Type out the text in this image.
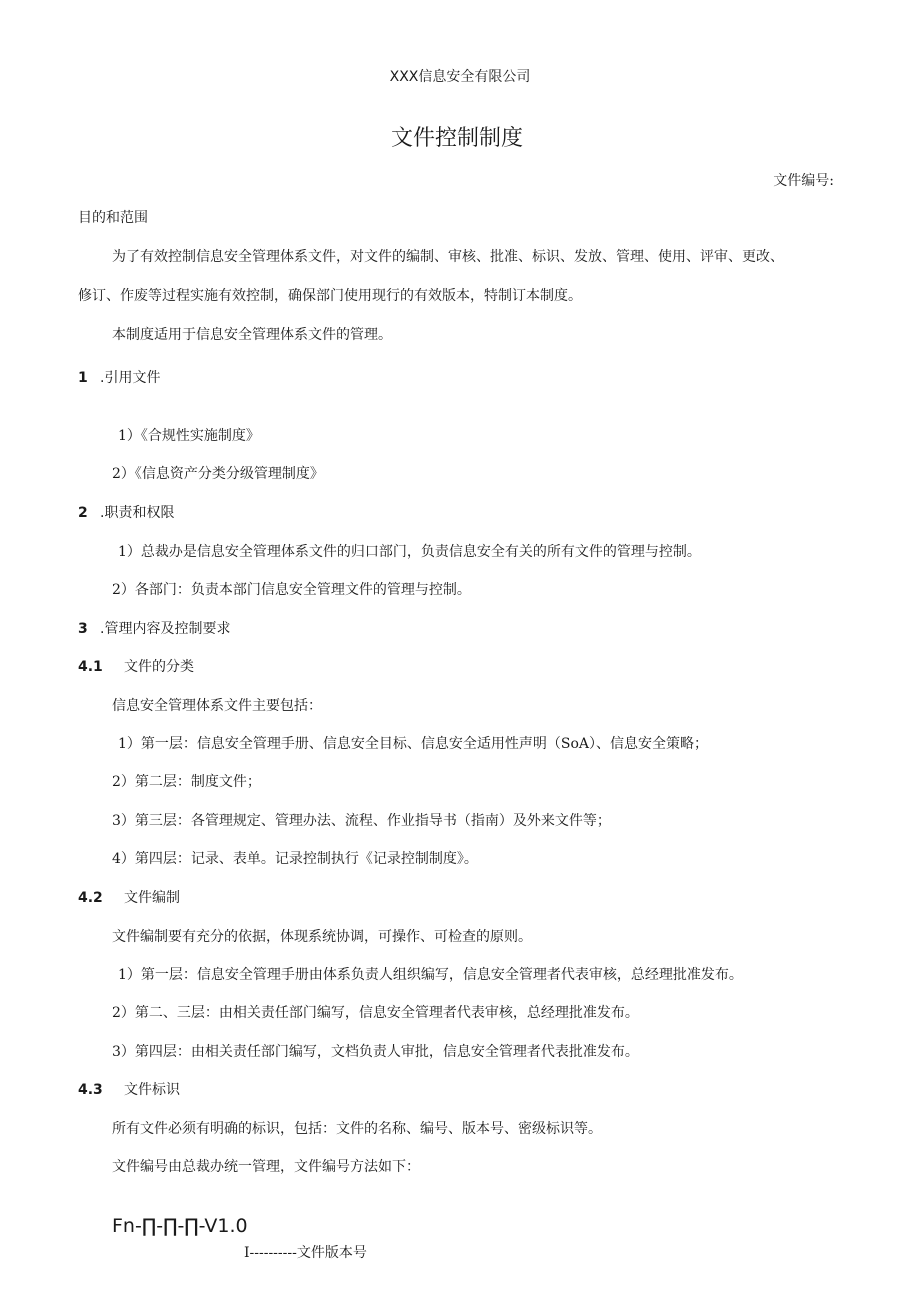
XXX信息安全有限公司
文件控制制度
文件编号:
目的和范围
为了有效控制信息安全管理体系文件，对文件的编制、审核、批准、标识、发放、管理、使用、评审、更改、
修订、作废等过程实施有效控制，确保部门使用现行的有效版本，特制订本制度。
本制度适用于信息安全管理体系文件的管理。
1 .引用文件
1）《合规性实施制度》
2）《信息资产分类分级管理制度》
2 .职责和权限
1）总裁办是信息安全管理体系文件的归口部门，负责信息安全有关的所有文件的管理与控制。
2）各部门：负责本部门信息安全管理文件的管理与控制。
3 .管理内容及控制要求
4.1 文件的分类
信息安全管理体系文件主要包括：
1）第一层：信息安全管理手册、信息安全目标、信息安全适用性声明（SoA）、信息安全策略；
2）第二层：制度文件；
3）第三层：各管理规定、管理办法、流程、作业指导书（指南）及外来文件等；
4）第四层：记录、表单。记录控制执行《记录控制制度》。
4.2 文件编制
文件编制要有充分的依据，体现系统协调，可操作、可检查的原则。
1）第一层：信息安全管理手册由体系负责人组织编写，信息安全管理者代表审核，总经理批准发布。
2）第二、三层：由相关责任部门编写，信息安全管理者代表审核，总经理批准发布。
3）第四层：由相关责任部门编写，文档负责人审批，信息安全管理者代表批准发布。
4.3 文件标识
所有文件必须有明确的标识，包括：文件的名称、编号、版本号、密级标识等。
文件编号由总裁办统一管理，文件编号方法如下：
Fn-∏-∏-∏-V1.0
I----------文件版本号
